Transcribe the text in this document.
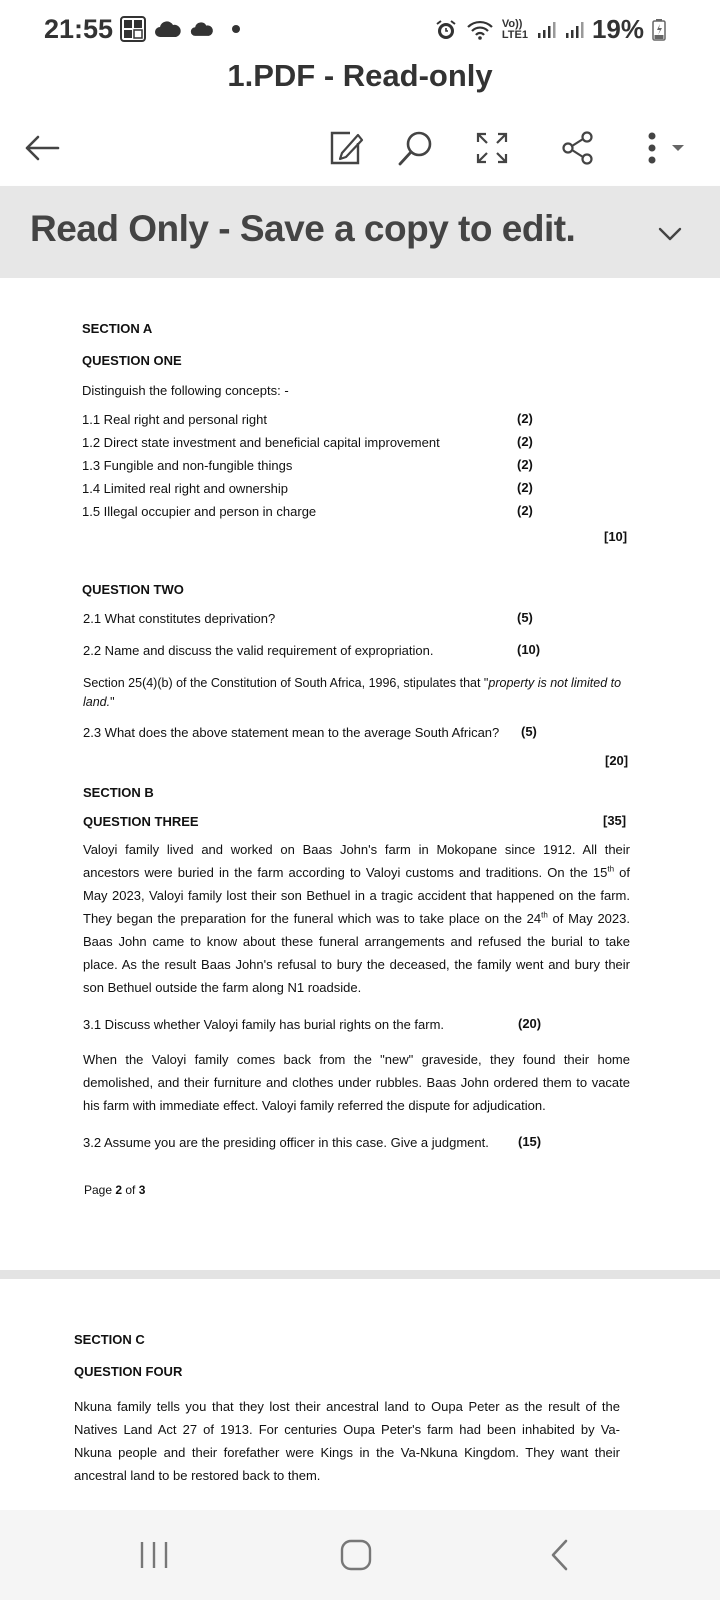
21:55	Vo))
LTE1 19%
1.PDF - Read-only
Read Only - Save a copy to edit.
SECTION A
QUESTION ONE
Distinguish the following concepts: -
1.1 Real right and personal right	(2)
1.2 Direct state investment and beneficial capital improvement	(2)
1.3 Fungible and non-fungible things	(2)
1.4 Limited real right and ownership	(2)
1.5 Illegal occupier and person in charge	(2)
[10]
QUESTION TWO
2.1 What constitutes deprivation?	(5)
2.2 Name and discuss the valid requirement of expropriation.	(10)
Section 25(4)(b) of the Constitution of South Africa, 1996, stipulates that "property is not limited to land."
2.3 What does the above statement mean to the average South African? (5)
[20]
SECTION B
QUESTION THREE	[35]
Valoyi family lived and worked on Baas John's farm in Mokopane since 1912. All their ancestors were buried in the farm according to Valoyi customs and traditions. On the 15th of May 2023, Valoyi family lost their son Bethuel in a tragic accident that happened on the farm. They began the preparation for the funeral which was to take place on the 24th of May 2023. Baas John came to know about these funeral arrangements and refused the burial to take place. As the result Baas John's refusal to bury the deceased, the family went and bury their son Bethuel outside the farm along N1 roadside.
3.1 Discuss whether Valoyi family has burial rights on the farm.	(20)
When the Valoyi family comes back from the "new" graveside, they found their home demolished, and their furniture and clothes under rubbles. Baas John ordered them to vacate his farm with immediate effect. Valoyi family referred the dispute for adjudication.
3.2 Assume you are the presiding officer in this case. Give a judgment. (15)
Page 2 of 3
SECTION C
QUESTION FOUR
Nkuna family tells you that they lost their ancestral land to Oupa Peter as the result of the Natives Land Act 27 of 1913. For centuries Oupa Peter's farm had been inhabited by Va-Nkuna people and their forefather were Kings in the Va-Nkuna Kingdom. They want their ancestral land to be restored back to them.
